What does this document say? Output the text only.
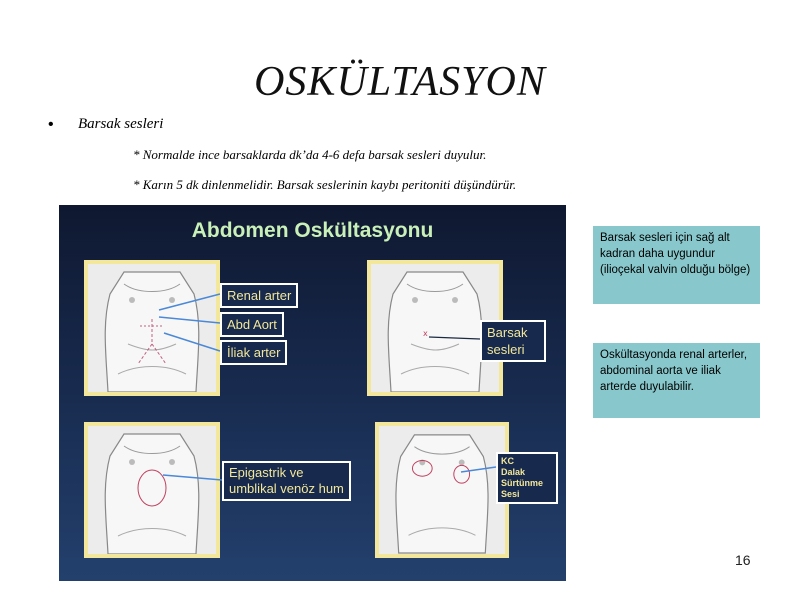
OSKÜLTASYON
• Barsak sesleri
* Normalde ince barsaklarda dk’da 4-6 defa barsak sesleri duyulur.
* Karın 5 dk dinlenmelidir. Barsak seslerinin kaybı peritoniti düşündürür.
Abdomen Oskültasyonu
x
Renal arter
Abd Aort
İliak arter
Barsak sesleri
Epigastrik ve
umblikal venöz hum
KC
Dalak
Sürtünme
Sesi
Barsak sesleri için sağ alt kadran daha uygundur (ilioçekal valvin olduğu bölge)
Oskültasyonda renal arterler, abdominal aorta ve iliak arterde duyulabilir.
16
